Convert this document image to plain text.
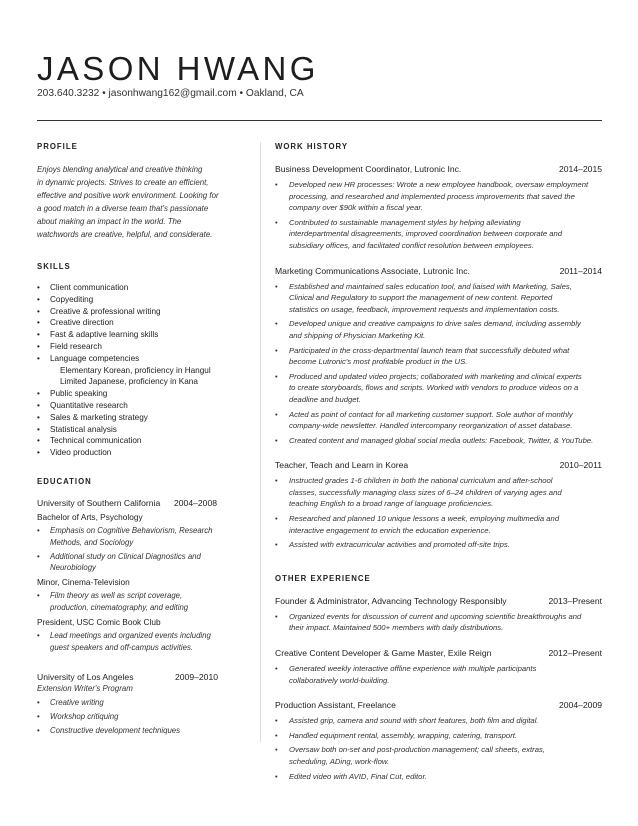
JASON HWANG
203.640.3232 • jasonhwang162@gmail.com • Oakland, CA
PROFILE
Enjoys blending analytical and creative thinking
in dynamic projects. Strives to create an efficient,
effective and positive work environment. Looking for
a good match in a diverse team that's passionate
about making an impact in the world. The
watchwords are creative, helpful, and considerate.
SKILLS
• Client communication
• Copyediting
• Creative & professional writing
• Creative direction
• Fast & adaptive learning skills
• Field research
• Language competencies
Elementary Korean, proficiency in Hangul
Limited Japanese, proficiency in Kana
• Public speaking
• Quantitative research
• Sales & marketing strategy
• Statistical analysis
• Technical communication
• Video production
EDUCATION
University of Southern California 2004–2008
Bachelor of Arts, Psychology
• Emphasis on Cognitive Behaviorism, Research
Methods, and Sociology
• Additional study on Clinical Diagnostics and
Neurobiology
Minor, Cinema-Television
• Film theory as well as script coverage,
production, cinematography, and editing
President, USC Comic Book Club
• Lead meetings and organized events including
guest speakers and off-campus activities.
University of Los Angeles	2009–2010
Extension Writer's Program
• Creative writing
• Workshop critiquing
• Constructive development techniques
WORK HISTORY
Business Development Coordinator, Lutronic Inc.	2014–2015
• Developed new HR processes: Wrote a new employee handbook, oversaw employment
processing, and researched and implemented process improvements that saved the
company over $90k within a fiscal year.
• Contributed to sustainable management styles by helping alleviating
interdepartmental disagreements, improved coordination between corporate and
subsidiary offices, and facilitated conflict resolution between employees.
Marketing Communications Associate, Lutronic Inc.	2011–2014
• Established and maintained sales education tool, and liaised with Marketing, Sales,
Clinical and Regulatory to support the management of new content. Reported
statistics on usage, feedback, improvement requests and implementation costs.
• Developed unique and creative campaigns to drive sales demand, including assembly
and shipping of Physician Marketing Kit.
• Participated in the cross-departmental launch team that successfully debuted what
become Lutronic's most profitable product in the US.
• Produced and updated video projects; collaborated with marketing and clinical experts
to create storyboards, flows and scripts. Worked with vendors to produce videos on a
deadline and budget.
• Acted as point of contact for all marketing customer support. Sole author of monthly
company-wide newsletter. Handled intercompany reorganization of asset database.
• Created content and managed global social media outlets: Facebook, Twitter, & YouTube.
Teacher, Teach and Learn in Korea	2010–2011
• Instructed grades 1-6 children in both the national curriculum and after-school
classes, successfully managing class sizes of 6–24 children of varying ages and
teaching English to a broad range of language proficiencies.
• Researched and planned 10 unique lessons a week, employing multimedia and
interactive engagement to enrich the education experience.
• Assisted with extracurricular activities and promoted off-site trips.
OTHER EXPERIENCE
Founder & Administrator, Advancing Technology Responsibly	2013–Present
• Organized events for discussion of current and upcoming scientific breakthroughs and
their impact. Maintained 500+ members with daily distributions.
Creative Content Developer & Game Master, Exile Reign	2012–Present
• Generated weekly interactive offline experience with multiple participants
collaboratively world-building.
Production Assistant, Freelance	2004–2009
• Assisted grip, camera and sound with short features, both film and digital.
• Handled equipment rental, assembly, wrapping, catering, transport.
• Oversaw both on-set and post-production management; call sheets, extras,
scheduling, ADing, work-flow.
• Edited video with AVID, Final Cut, editor.
